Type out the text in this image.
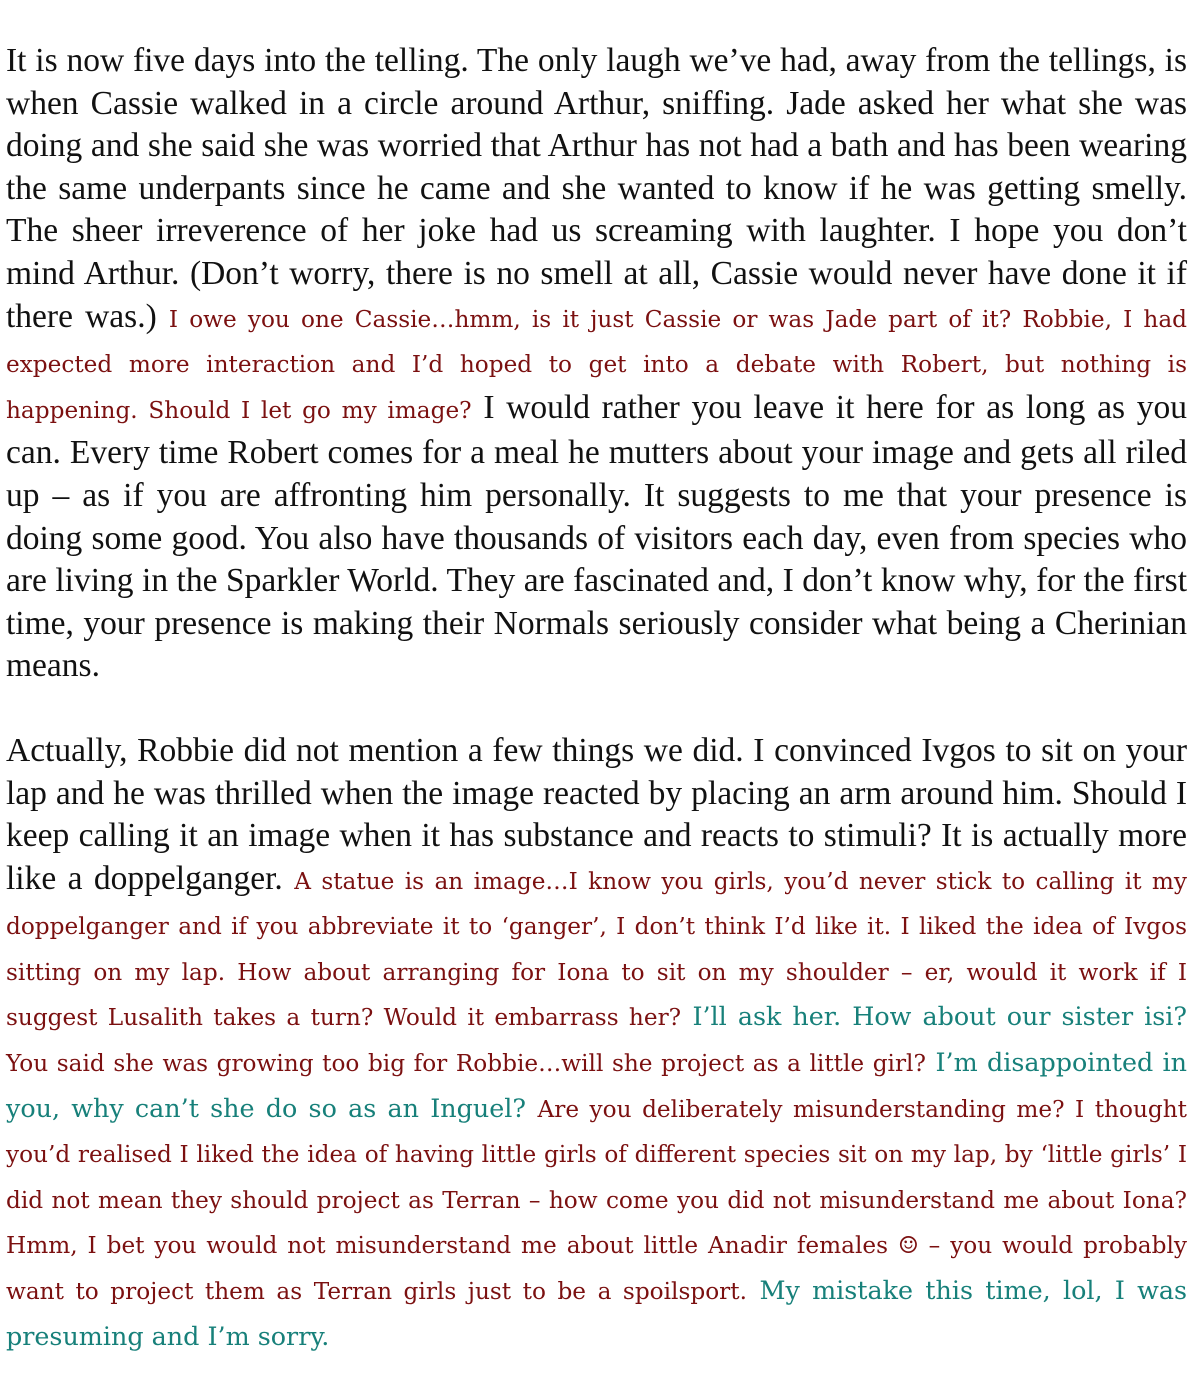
It is now five days into the telling. The only laugh we’ve had, away from the tellings, is when Cassie walked in a circle around Arthur, sniffing. Jade asked her what she was doing and she said she was worried that Arthur has not had a bath and has been wearing the same underpants since he came and she wanted to know if he was getting smelly. The sheer irreverence of her joke had us screaming with laughter. I hope you don’t mind Arthur. (Don’t worry, there is no smell at all, Cassie would never have done it if there was.) I owe you one Cassie…hmm, is it just Cassie or was Jade part of it? Robbie, I had expected more interaction and I’d hoped to get into a debate with Robert, but nothing is happening. Should I let go my image? I would rather you leave it here for as long as you can. Every time Robert comes for a meal he mutters about your image and gets all riled up – as if you are affronting him personally. It suggests to me that your presence is doing some good. You also have thousands of visitors each day, even from species who are living in the Sparkler World. They are fascinated and, I don’t know why, for the first time, your presence is making their Normals seriously consider what being a Cherinian means.

Actually, Robbie did not mention a few things we did. I convinced Ivgos to sit on your lap and he was thrilled when the image reacted by placing an arm around him. Should I keep calling it an image when it has substance and reacts to stimuli? It is actually more like a doppelganger. A statue is an image…I know you girls, you’d never stick to calling it my doppelganger and if you abbreviate it to ‘ganger’, I don’t think I’d like it. I liked the idea of Ivgos sitting on my lap. How about arranging for Iona to sit on my shoulder – er, would it work if I suggest Lusalith takes a turn? Would it embarrass her? I’ll ask her. How about our sister isi? You said she was growing too big for Robbie…will she project as a little girl? I’m disappointed in you, why can’t she do so as an Inguel? Are you deliberately misunderstanding me? I thought you’d realised I liked the idea of having little girls of different species sit on my lap, by ‘little girls’ I did not mean they should project as Terran – how come you did not misunderstand me about Iona? Hmm, I bet you would not misunderstand me about little Anadir females ☺ – you would probably want to project them as Terran girls just to be a spoilsport. My mistake this time, lol, I was presuming and I’m sorry.
